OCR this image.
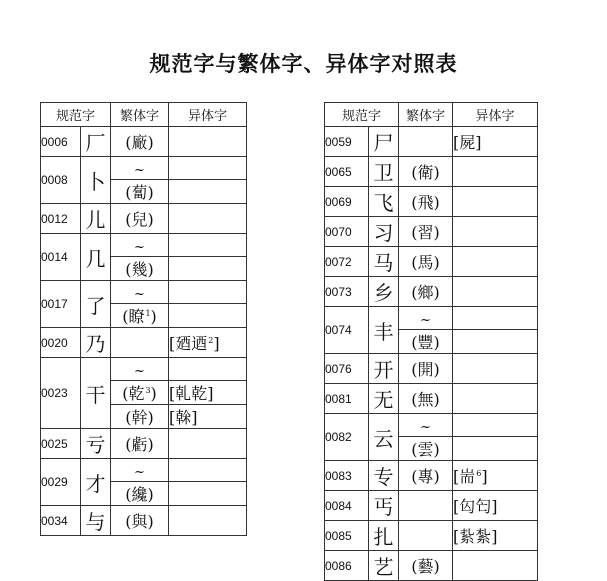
规范字与繁体字、异体字对照表
规范字		繁体字	异体字
0006	厂	(廠)	
0008	卜	~	
		(蔔)	
0012	儿	(兒)	
0014	几	~	
		(幾)	
0017	了	~	
		(瞭$^1$)	
0020	乃		[廼迺$^2$]
0023	干	~	
		(乾$^3$)	[乹乾]
		(幹)	[榦]
0025	亏	(虧)	
0029	才	~	
		(纔)	
0034	与	(與)	
规范字		繁体字	异体字
0059	尸		[屍]
0065	卫	(衛)	
0069	飞	(飛)	
0070	习	(習)	
0072	马	(馬)	
0073	乡	(鄉)	
0074	丰	~	
		(豐)	
0076	开	(開)	
0081	无	(無)	
0082	云	~	
		(雲)	
0083	专	(專)	[耑$^6$]
0084	丐		[匃匄]
0085	扎		[紥紮]
0086	艺	(藝)	
